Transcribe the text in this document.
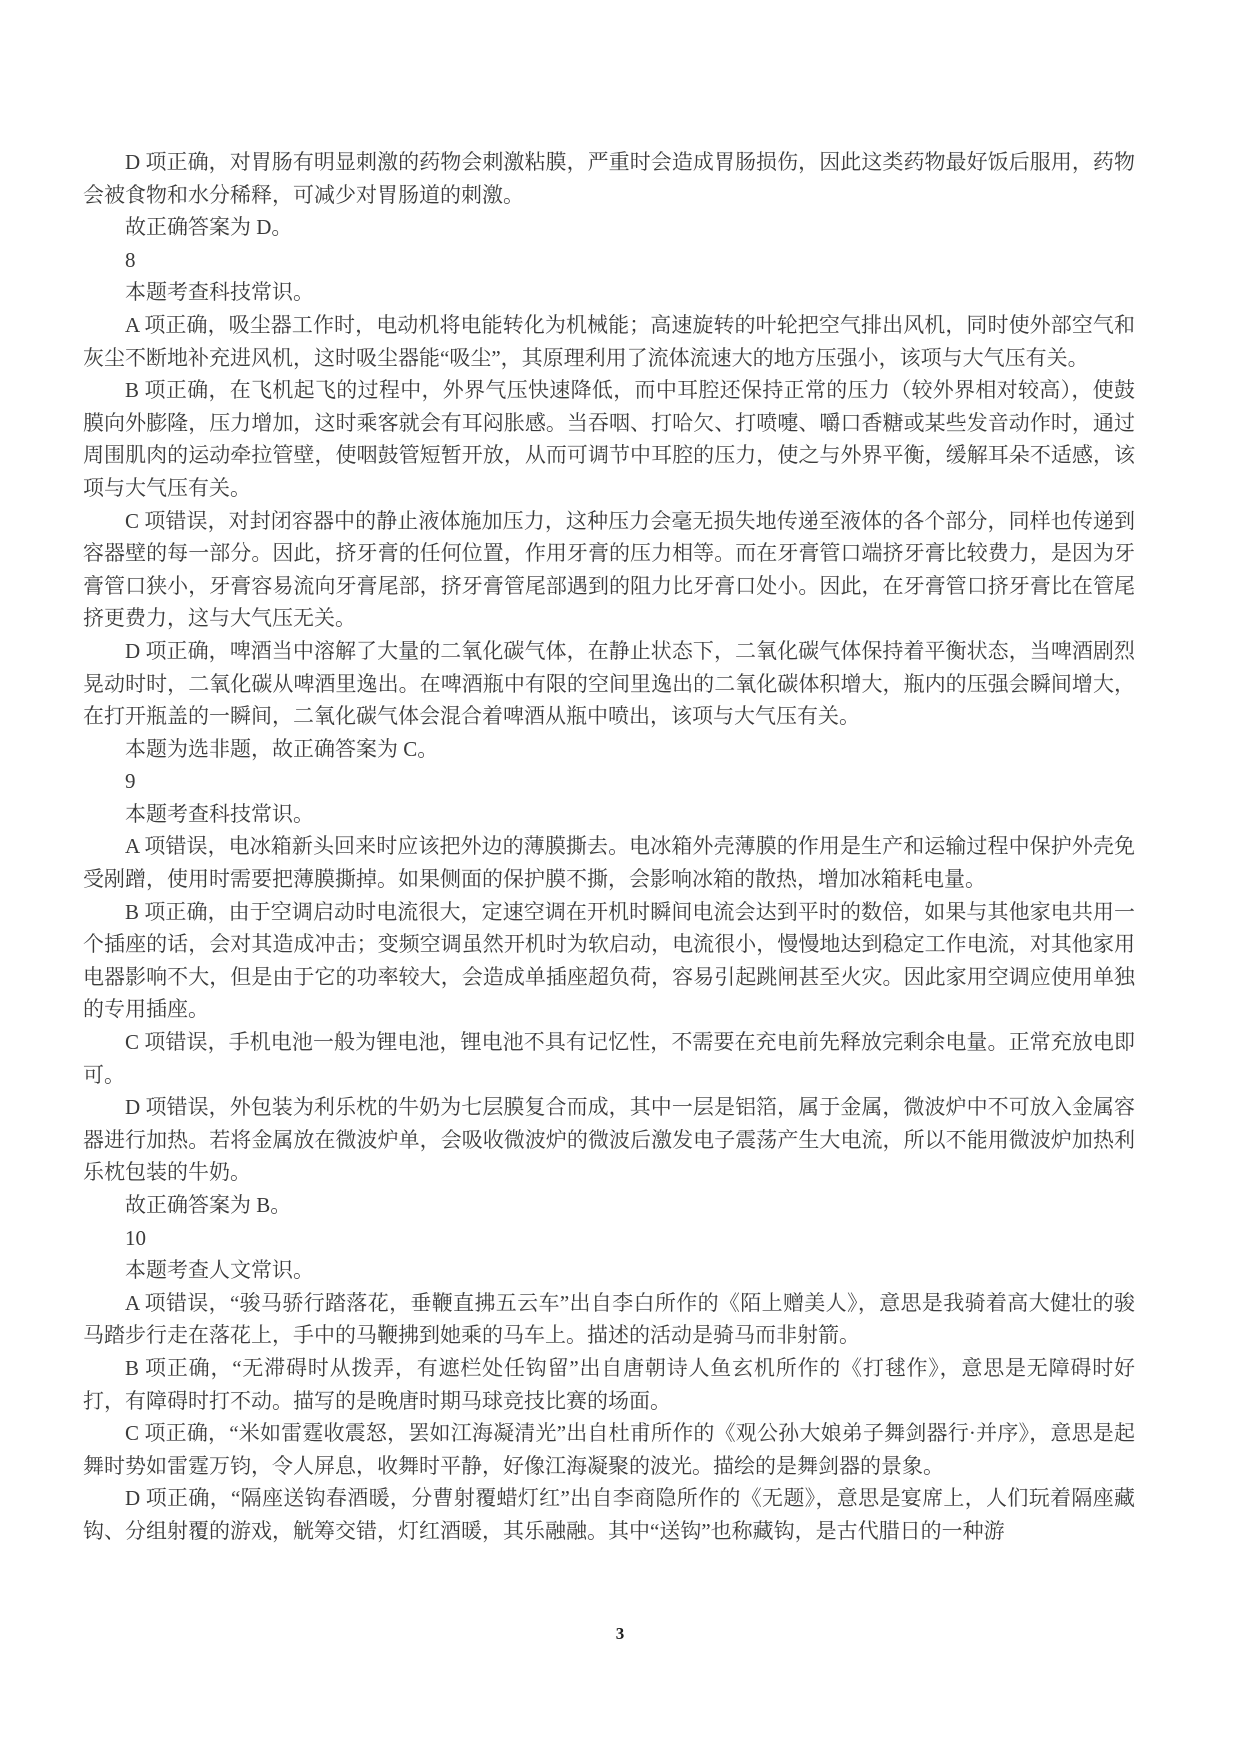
D 项正确，对胃肠有明显刺激的药物会刺激粘膜，严重时会造成胃肠损伤，因此这类药物最好饭后服用，药物会被食物和水分稀释，可减少对胃肠道的刺激。

故正确答案为 D。

8

本题考查科技常识。

A 项正确，吸尘器工作时，电动机将电能转化为机械能；高速旋转的叶轮把空气排出风机，同时使外部空气和灰尘不断地补充进风机，这时吸尘器能“吸尘”，其原理利用了流体流速大的地方压强小，该项与大气压有关。

B 项正确，在飞机起飞的过程中，外界气压快速降低，而中耳腔还保持正常的压力（较外界相对较高），使鼓膜向外膨隆，压力增加，这时乘客就会有耳闷胀感。当吞咽、打哈欠、打喷嚏、嚼口香糖或某些发音动作时，通过周围肌肉的运动牵拉管壁，使咽鼓管短暂开放，从而可调节中耳腔的压力，使之与外界平衡，缓解耳朵不适感，该项与大气压有关。

C 项错误，对封闭容器中的静止液体施加压力，这种压力会毫无损失地传递至液体的各个部分，同样也传递到容器壁的每一部分。因此，挤牙膏的任何位置，作用牙膏的压力相等。而在牙膏管口端挤牙膏比较费力，是因为牙膏管口狭小，牙膏容易流向牙膏尾部，挤牙膏管尾部遇到的阻力比牙膏口处小。因此，在牙膏管口挤牙膏比在管尾挤更费力，这与大气压无关。

D 项正确，啤酒当中溶解了大量的二氧化碳气体，在静止状态下，二氧化碳气体保持着平衡状态，当啤酒剧烈晃动时时，二氧化碳从啤酒里逸出。在啤酒瓶中有限的空间里逸出的二氧化碳体积增大，瓶内的压强会瞬间增大，在打开瓶盖的一瞬间，二氧化碳气体会混合着啤酒从瓶中喷出，该项与大气压有关。

本题为选非题，故正确答案为 C。

9

本题考查科技常识。

A 项错误，电冰箱新头回来时应该把外边的薄膜撕去。电冰箱外壳薄膜的作用是生产和运输过程中保护外壳免受剐蹭，使用时需要把薄膜撕掉。如果侧面的保护膜不撕，会影响冰箱的散热，增加冰箱耗电量。

B 项正确，由于空调启动时电流很大，定速空调在开机时瞬间电流会达到平时的数倍，如果与其他家电共用一个插座的话，会对其造成冲击；变频空调虽然开机时为软启动，电流很小，慢慢地达到稳定工作电流，对其他家用电器影响不大，但是由于它的功率较大，会造成单插座超负荷，容易引起跳闸甚至火灾。因此家用空调应使用单独的专用插座。

C 项错误，手机电池一般为锂电池，锂电池不具有记忆性，不需要在充电前先释放完剩余电量。正常充放电即可。

D 项错误，外包装为利乐枕的牛奶为七层膜复合而成，其中一层是铝箔，属于金属，微波炉中不可放入金属容器进行加热。若将金属放在微波炉单，会吸收微波炉的微波后激发电子震荡产生大电流，所以不能用微波炉加热利乐枕包装的牛奶。

故正确答案为 B。

10

本题考查人文常识。

A 项错误，“骏马骄行踏落花，垂鞭直拂五云车”出自李白所作的《陌上赠美人》，意思是我骑着高大健壮的骏马踏步行走在落花上，手中的马鞭拂到她乘的马车上。描述的活动是骑马而非射箭。

B 项正确，“无滞碍时从拨弄，有遮栏处任钩留”出自唐朝诗人鱼玄机所作的《打毬作》，意思是无障碍时好打，有障碍时打不动。描写的是晚唐时期马球竞技比赛的场面。

C 项正确，“米如雷霆收震怒，罢如江海凝清光”出自杜甫所作的《观公孙大娘弟子舞剑器行·并序》，意思是起舞时势如雷霆万钧，令人屏息，收舞时平静，好像江海凝聚的波光。描绘的是舞剑器的景象。

D 项正确，“隔座送钩春酒暖，分曹射覆蜡灯红”出自李商隐所作的《无题》，意思是宴席上，人们玩着隔座藏钩、分组射覆的游戏，觥筹交错，灯红酒暖，其乐融融。其中“送钩”也称藏钩，是古代腊日的一种游

3
